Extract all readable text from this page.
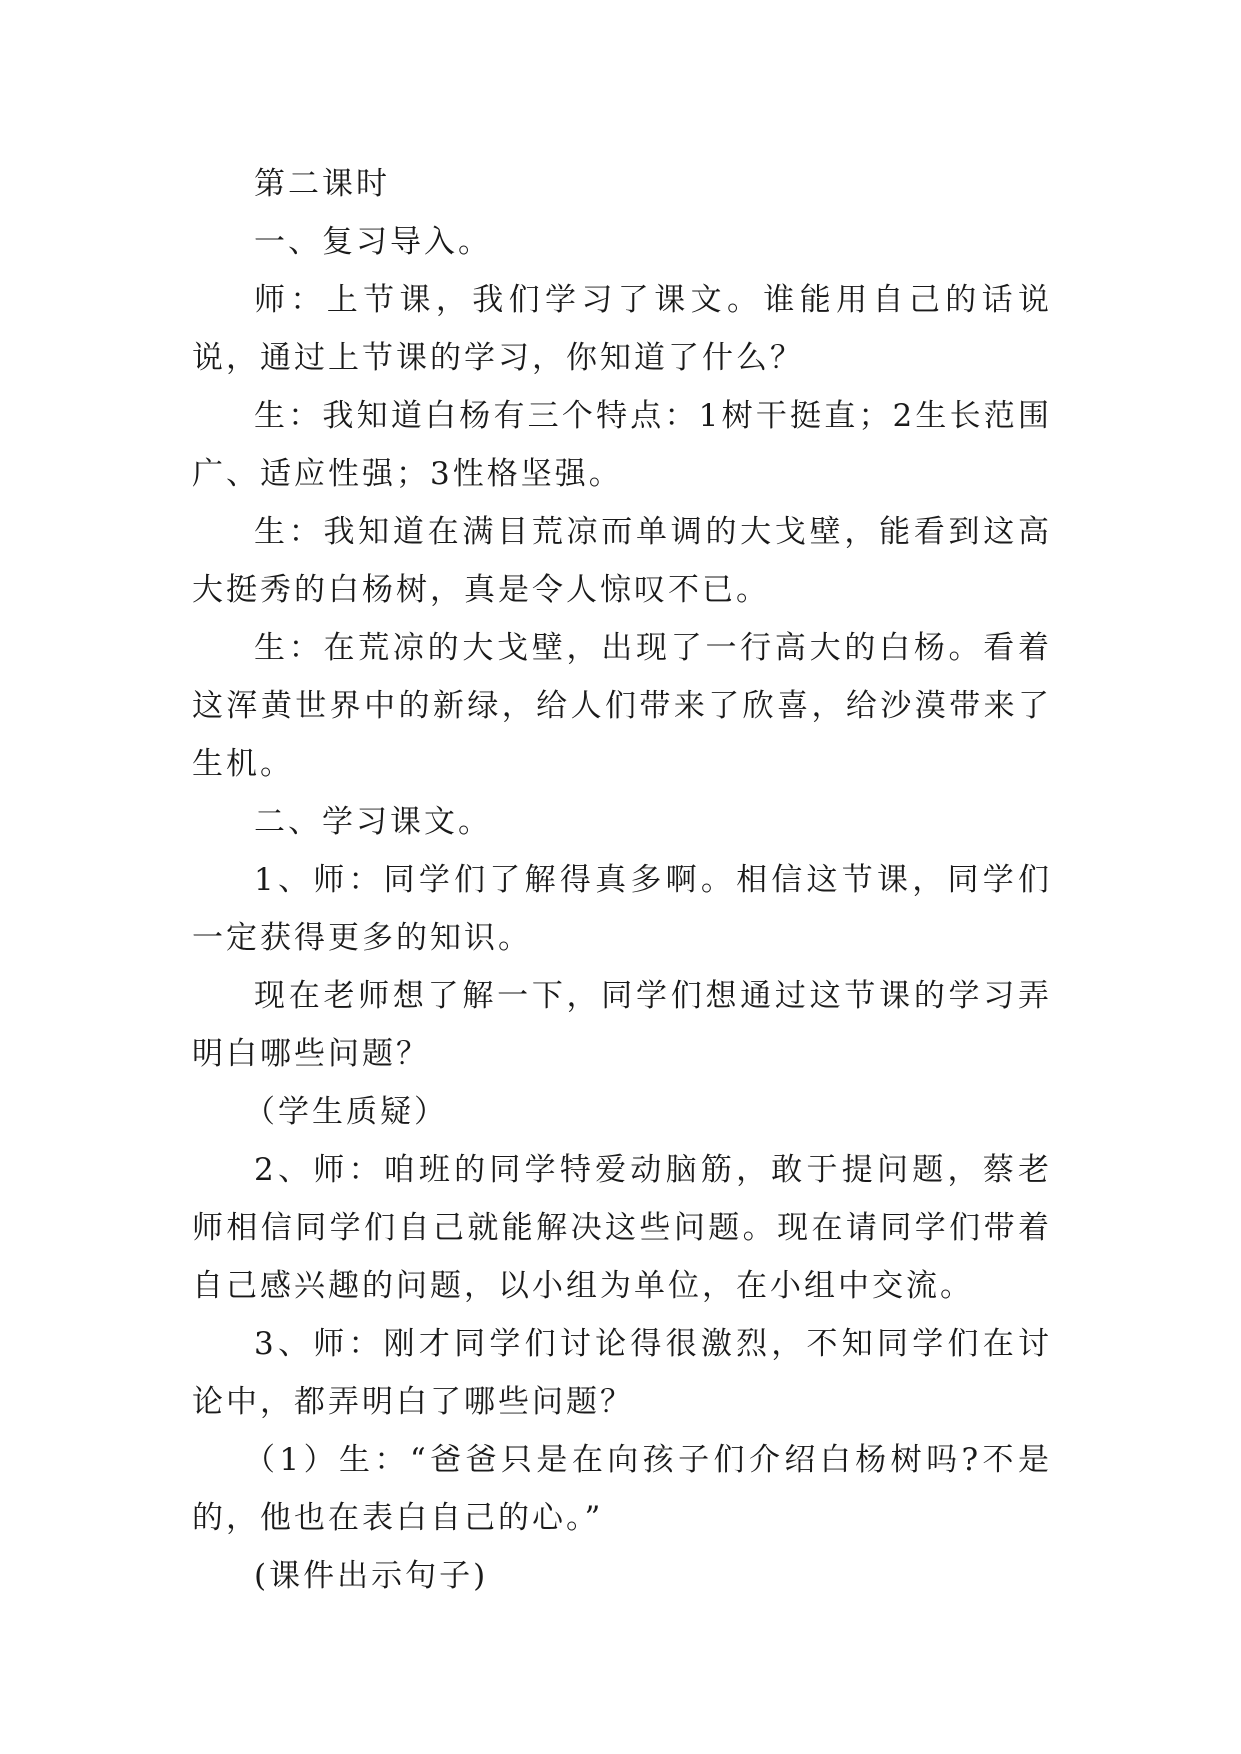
第二课时

一、复习导入。

师：上节课，我们学习了课文。谁能用自己的话说说，通过上节课的学习，你知道了什么？

生：我知道白杨有三个特点：1树干挺直；2生长范围广、适应性强；3性格坚强。

生：我知道在满目荒凉而单调的大戈壁，能看到这高大挺秀的白杨树，真是令人惊叹不已。

生：在荒凉的大戈壁，出现了一行高大的白杨。看着这浑黄世界中的新绿，给人们带来了欣喜，给沙漠带来了生机。

二、学习课文。

1、师：同学们了解得真多啊。相信这节课，同学们一定获得更多的知识。

现在老师想了解一下，同学们想通过这节课的学习弄明白哪些问题？

（学生质疑）

2、师：咱班的同学特爱动脑筋，敢于提问题，蔡老师相信同学们自己就能解决这些问题。现在请同学们带着自己感兴趣的问题，以小组为单位，在小组中交流。

3、师：刚才同学们讨论得很激烈，不知同学们在讨论中，都弄明白了哪些问题？

（1）生：“爸爸只是在向孩子们介绍白杨树吗?不是的，他也在表白自己的心。”

(课件出示句子)
